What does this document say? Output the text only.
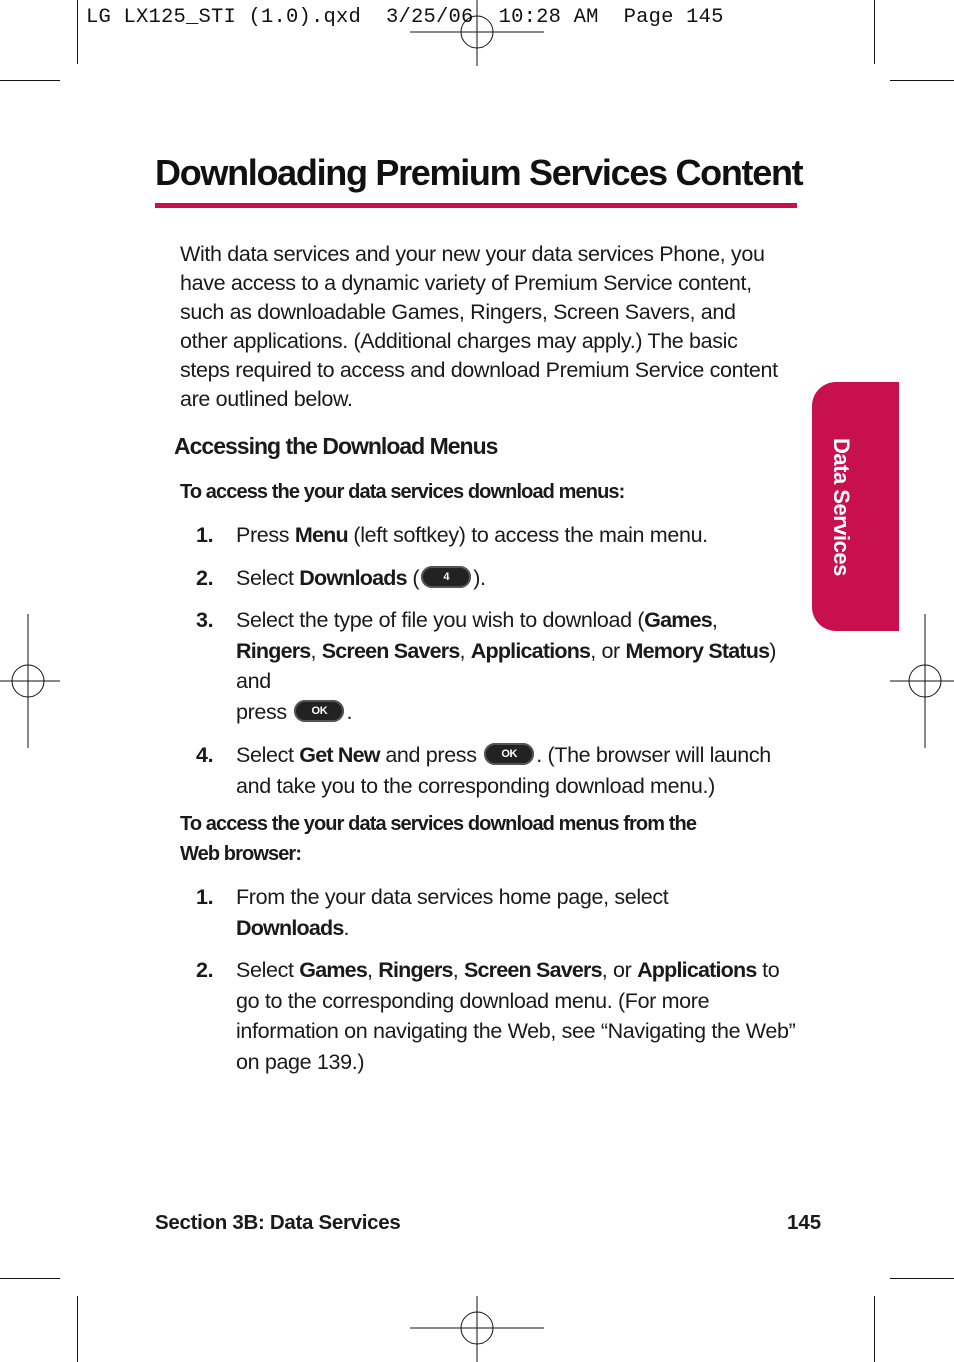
LG LX125_STI (1.0).qxd  3/25/06  10:28 AM  Page 145
Downloading Premium Services Content

With data services and your new your data services Phone, you have access to a dynamic variety of Premium Service content, such as downloadable Games, Ringers, Screen Savers, and other applications. (Additional charges may apply.) The basic steps required to access and download Premium Service content are outlined below.

Accessing the Download Menus

To access the your data services download menus:

1. Press Menu (left softkey) to access the main menu.
2. Select Downloads ( 4 ).
3. Select the type of file you wish to download (Games,
Ringers, Screen Savers, Applications, or Memory Status)
and
press OK .
4. Select Get New and press OK . (The browser will launch and take you to the corresponding download menu.)

To access the your data services download menus from the
Web browser:

1. From the your data services home page, select
Downloads.
2. Select Games, Ringers, Screen Savers, or Applications to go to the corresponding download menu. (For more information on navigating the Web, see “Navigating the Web” on page 139.)
Data Services

Section 3B: Data Services	145
